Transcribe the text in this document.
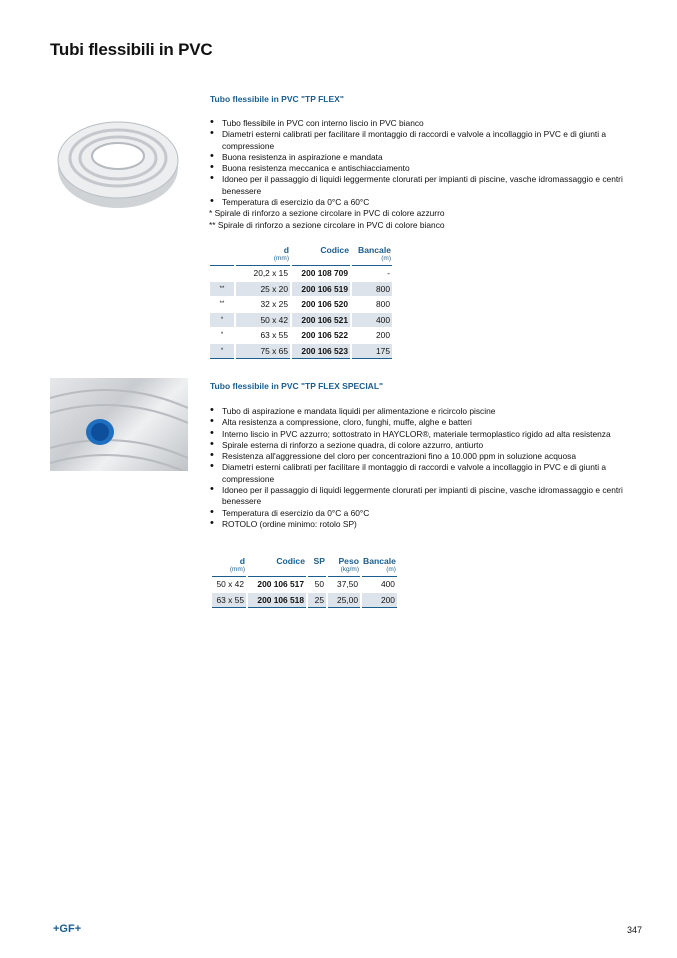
Tubi flessibili in PVC
Tubo flessibile in PVC "TP FLEX"
• Tubo flessibile in PVC con interno liscio in PVC bianco
• Diametri esterni calibrati per facilitare il montaggio di raccordi e valvole a incollaggio in PVC e di giunti a compressione
• Buona resistenza in aspirazione e mandata
• Buona resistenza meccanica e antischiacciamento
• Idoneo per il passaggio di liquidi leggermente clorurati per impianti di piscine, vasche idromassaggio e centri benessere
• Temperatura di esercizio da 0°C a 60°C
* Spirale di rinforzo a sezione circolare in PVC di colore azzurro
** Spirale di rinforzo a sezione circolare in PVC di colore bianco
	d	Codice	Bancale
	(mm)		(m)
	20,2 x 15	200 108 709	-
**	25 x 20	200 106 519	800
**	32 x 25	200 106 520	800
*	50 x 42	200 106 521	400
*	63 x 55	200 106 522	200
*	75 x 65	200 106 523	175
Tubo flessibile in PVC "TP FLEX SPECIAL"
• Tubo di aspirazione e mandata liquidi per alimentazione e ricircolo piscine
• Alta resistenza a compressione, cloro, funghi, muffe, alghe e batteri
• Interno liscio in PVC azzurro; sottostrato in HAYCLOR®, materiale termoplastico rigido ad alta resistenza
• Spirale esterna di rinforzo a sezione quadra, di colore azzurro, antiurto
• Resistenza all'aggressione del cloro per concentrazioni fino a 10.000 ppm in soluzione acquosa
• Diametri esterni calibrati per facilitare il montaggio di raccordi e valvole a incollaggio in PVC e di giunti a compressione
• Idoneo per il passaggio di liquidi leggermente clorurati per impianti di piscine, vasche idromassaggio e centri benessere
• Temperatura di esercizio da 0°C a 60°C
• ROTOLO (ordine minimo: rotolo SP)
d	Codice	SP	Peso	Bancale
(mm)			(kg/m)	(m)
50 x 42	200 106 517	50	37,50	400
63 x 55	200 106 518	25	25,00	200
+GF+	347
